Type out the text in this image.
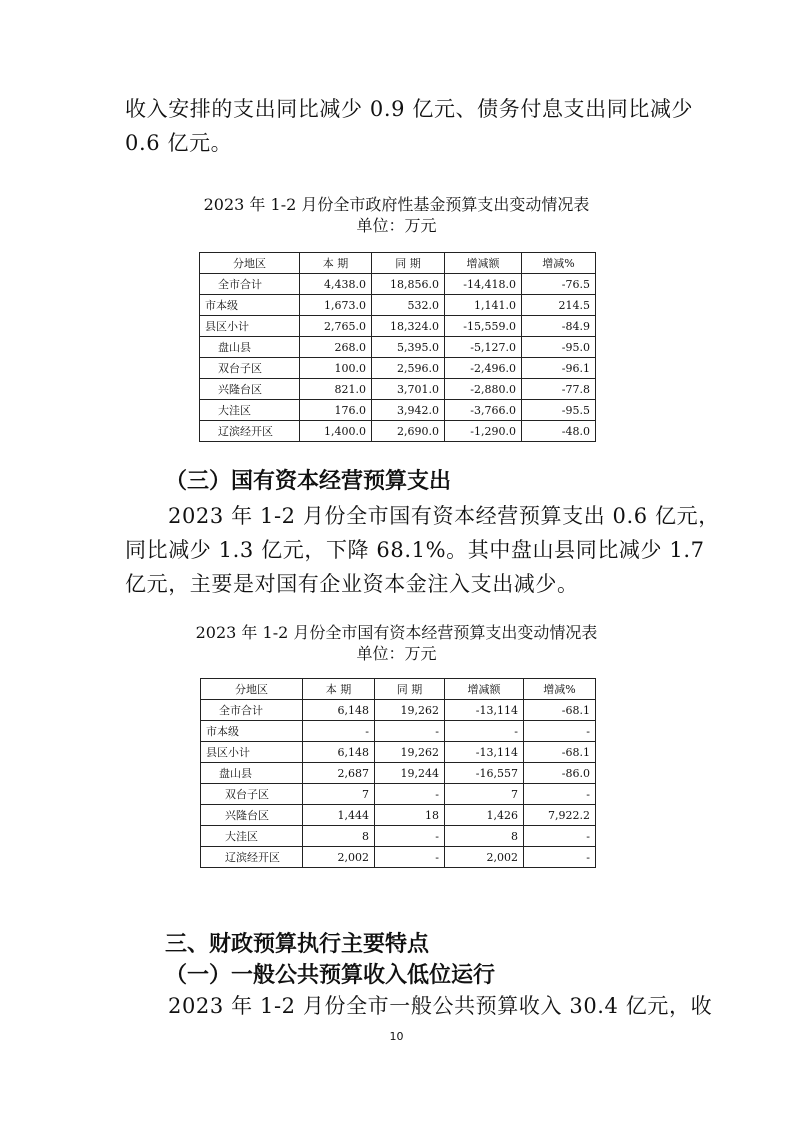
收入安排的支出同比减少 0.9 亿元、债务付息支出同比减少

0.6 亿元。

2023 年 1-2 月份全市政府性基金预算支出变动情况表

单位：万元

分地区	本 期	同 期	增减额	增减%
全市合计	4,438.0	18,856.0	-14,418.0	-76.5
市本级	1,673.0	532.0	1,141.0	214.5
县区小计	2,765.0	18,324.0	-15,559.0	-84.9
盘山县	268.0	5,395.0	-5,127.0	-95.0
双台子区	100.0	2,596.0	-2,496.0	-96.1
兴隆台区	821.0	3,701.0	-2,880.0	-77.8
大洼区	176.0	3,942.0	-3,766.0	-95.5
辽滨经开区	1,400.0	2,690.0	-1,290.0	-48.0

（三）国有资本经营预算支出

2023 年 1-2 月份全市国有资本经营预算支出 0.6 亿元，

同比减少 1.3 亿元，下降 68.1%。其中盘山县同比减少 1.7

亿元，主要是对国有企业资本金注入支出减少。

2023 年 1-2 月份全市国有资本经营预算支出变动情况表

单位：万元

分地区	本 期	同 期	增减额	增减%
全市合计	6,148	19,262	-13,114	-68.1
市本级	-	-	-	-
县区小计	6,148	19,262	-13,114	-68.1
盘山县	2,687	19,244	-16,557	-86.0
双台子区	7	-	7	-
兴隆台区	1,444	18	1,426	7,922.2
大洼区	8	-	8	-
辽滨经开区	2,002	-	2,002	-

三、财政预算执行主要特点

（一）一般公共预算收入低位运行

2023 年 1-2 月份全市一般公共预算收入 30.4 亿元，收

10
